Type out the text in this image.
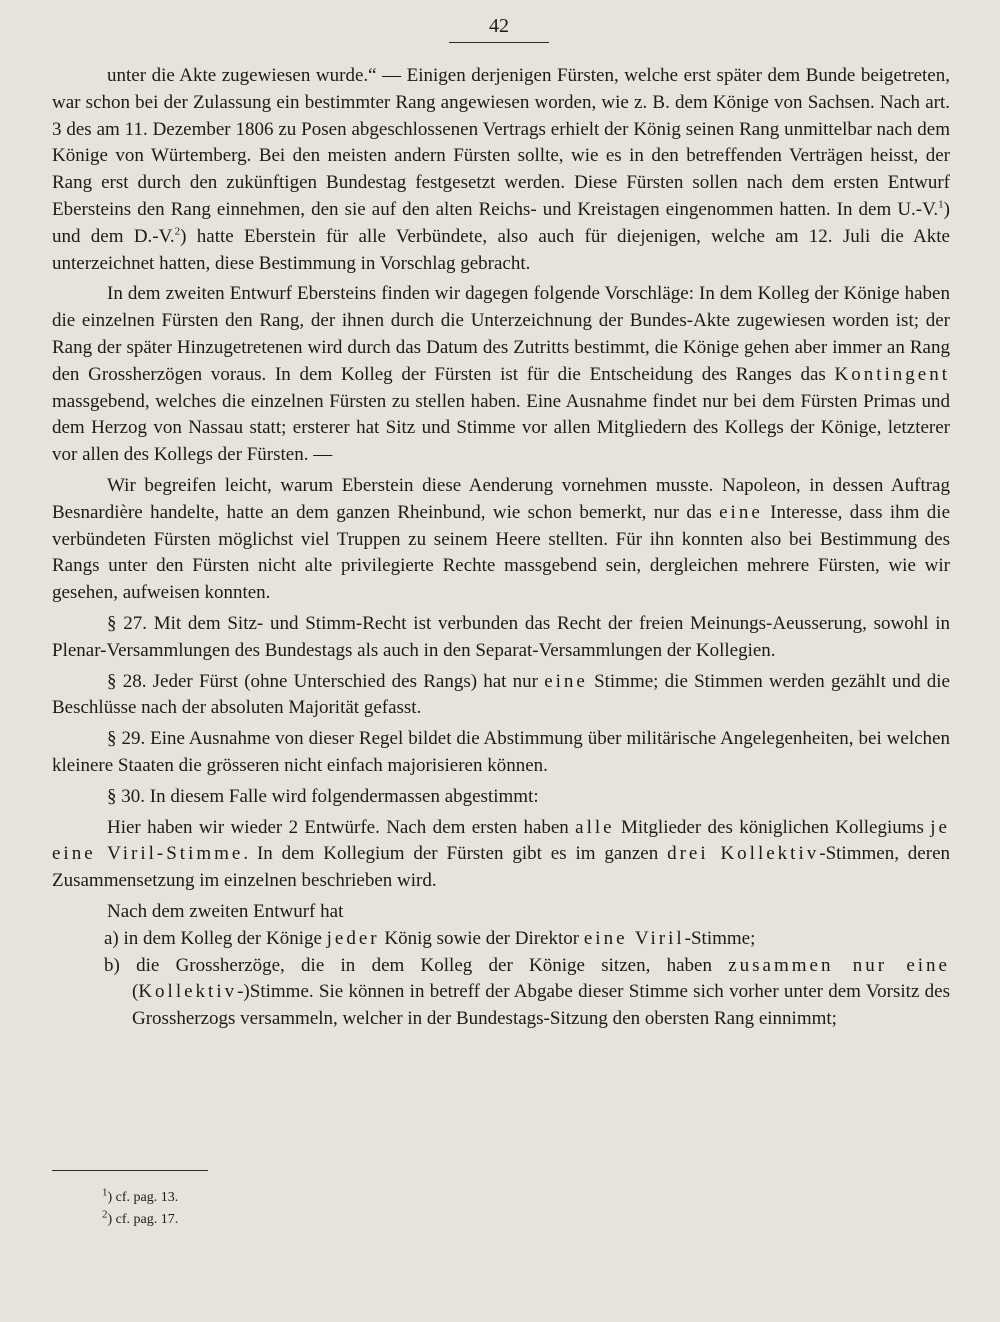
42

unter die Akte zugewiesen wurde.“ — Einigen derjenigen Fürsten, welche erst später dem Bunde beigetreten, war schon bei der Zulassung ein bestimmter Rang angewiesen worden, wie z. B. dem Könige von Sachsen. Nach art. 3 des am 11. Dezember 1806 zu Posen abgeschlossenen Vertrags erhielt der König seinen Rang unmittelbar nach dem Könige von Würtemberg. Bei den meisten andern Fürsten sollte, wie es in den betreffenden Verträgen heisst, der Rang erst durch den zukünftigen Bundestag festgesetzt werden. Diese Fürsten sollen nach dem ersten Entwurf Ebersteins den Rang einnehmen, den sie auf den alten Reichs- und Kreistagen eingenommen hatten. In dem U.-V.$^1$) und dem D.-V.$^2$) hatte Eberstein für alle Verbündete, also auch für diejenigen, welche am 12. Juli die Akte unterzeichnet hatten, diese Bestimmung in Vorschlag gebracht.

In dem zweiten Entwurf Ebersteins finden wir dagegen folgende Vorschläge: In dem Kolleg der Könige haben die einzelnen Fürsten den Rang, der ihnen durch die Unterzeichnung der Bundes-Akte zugewiesen worden ist; der Rang der später Hinzugetretenen wird durch das Datum des Zutritts bestimmt, die Könige gehen aber immer an Rang den Grossherzögen voraus. In dem Kolleg der Fürsten ist für die Entscheidung des Ranges das Kontingent massgebend, welches die einzelnen Fürsten zu stellen haben. Eine Ausnahme findet nur bei dem Fürsten Primas und dem Herzog von Nassau statt; ersterer hat Sitz und Stimme vor allen Mitgliedern des Kollegs der Könige, letzterer vor allen des Kollegs der Fürsten. —

Wir begreifen leicht, warum Eberstein diese Aenderung vornehmen musste. Napoleon, in dessen Auftrag Besnardière handelte, hatte an dem ganzen Rheinbund, wie schon bemerkt, nur das eine Interesse, dass ihm die verbündeten Fürsten möglichst viel Truppen zu seinem Heere stellten. Für ihn konnten also bei Bestimmung des Rangs unter den Fürsten nicht alte privilegierte Rechte massgebend sein, dergleichen mehrere Fürsten, wie wir gesehen, aufweisen konnten.

§ 27. Mit dem Sitz- und Stimm-Recht ist verbunden das Recht der freien Meinungs-Aeusserung, sowohl in Plenar-Versammlungen des Bundestags als auch in den Separat-Versammlungen der Kollegien.

§ 28. Jeder Fürst (ohne Unterschied des Rangs) hat nur eine Stimme; die Stimmen werden gezählt und die Beschlüsse nach der absoluten Majorität gefasst.

§ 29. Eine Ausnahme von dieser Regel bildet die Abstimmung über militärische Angelegenheiten, bei welchen kleinere Staaten die grösseren nicht einfach majorisieren können.

§ 30. In diesem Falle wird folgendermassen abgestimmt:

Hier haben wir wieder 2 Entwürfe. Nach dem ersten haben alle Mitglieder des königlichen Kollegiums je eine Viril-Stimme. In dem Kollegium der Fürsten gibt es im ganzen drei Kollektiv-Stimmen, deren Zusammensetzung im einzelnen beschrieben wird.

Nach dem zweiten Entwurf hat

a) in dem Kolleg der Könige jeder König sowie der Direktor eine Viril-Stimme;

b) die Grossherzöge, die in dem Kolleg der Könige sitzen, haben zusammen nur eine (Kollektiv-)Stimme. Sie können in betreff der Abgabe dieser Stimme sich vorher unter dem Vorsitz des Grossherzogs versammeln, welcher in der Bundestags-Sitzung den obersten Rang einnimmt;

$^1$) cf. pag. 13.
$^2$) cf. pag. 17.
